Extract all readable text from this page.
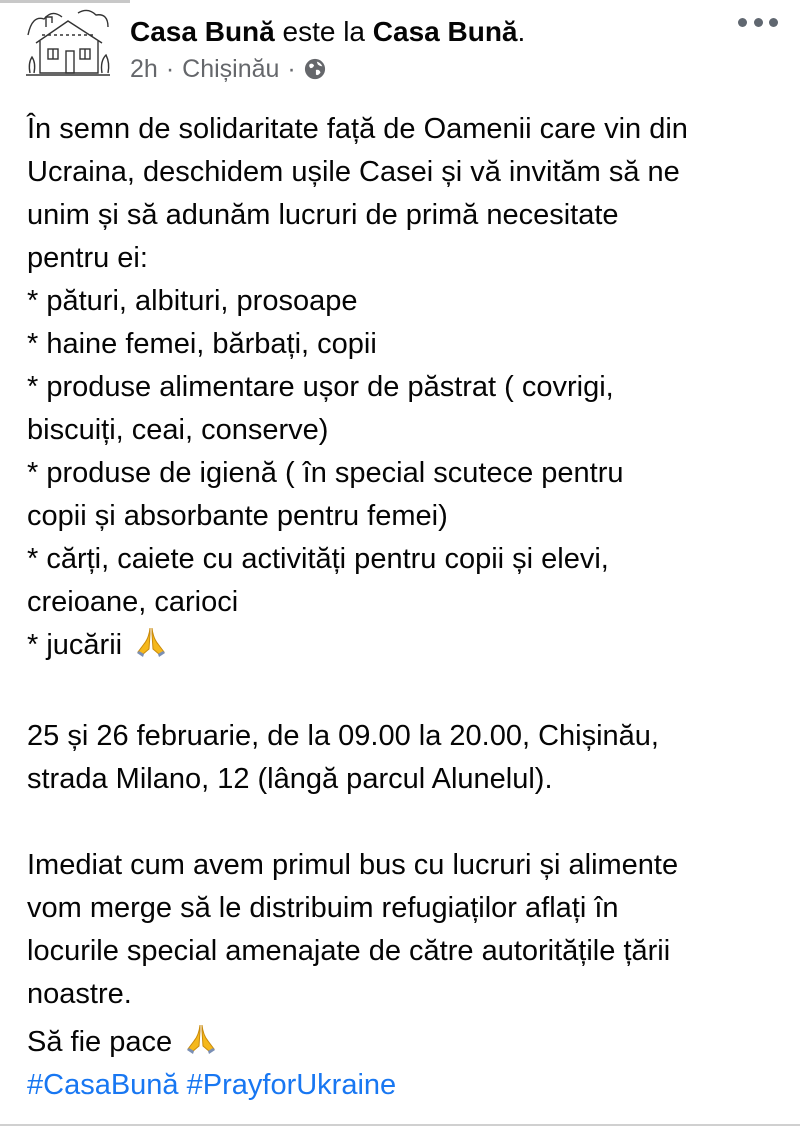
Casa Bună este la Casa Bună.
2h · Chișinău ·
În semn de solidaritate față de Oamenii care vin din
Ucraina, deschidem ușile Casei și vă invităm să ne
unim și să adunăm lucruri de primă necesitate
pentru ei:
* pături, albituri, prosoape
* haine femei, bărbați, copii
* produse alimentare ușor de păstrat ( covrigi,
biscuiți, ceai, conserve)
* produse de igienă ( în special scutece pentru
copii și absorbante pentru femei)
* cărți, caiete cu activități pentru copii și elevi,
creioane, carioci
* jucării
25 și 26 februarie, de la 09.00 la 20.00, Chișinău,
strada Milano, 12 (lângă parcul Alunelul).
Imediat cum avem primul bus cu lucruri și alimente
vom merge să le distribuim refugiaților aflați în
locurile special amenajate de către autoritățile țării
noastre.
Să fie pace
#CasaBună #PrayforUkraine
